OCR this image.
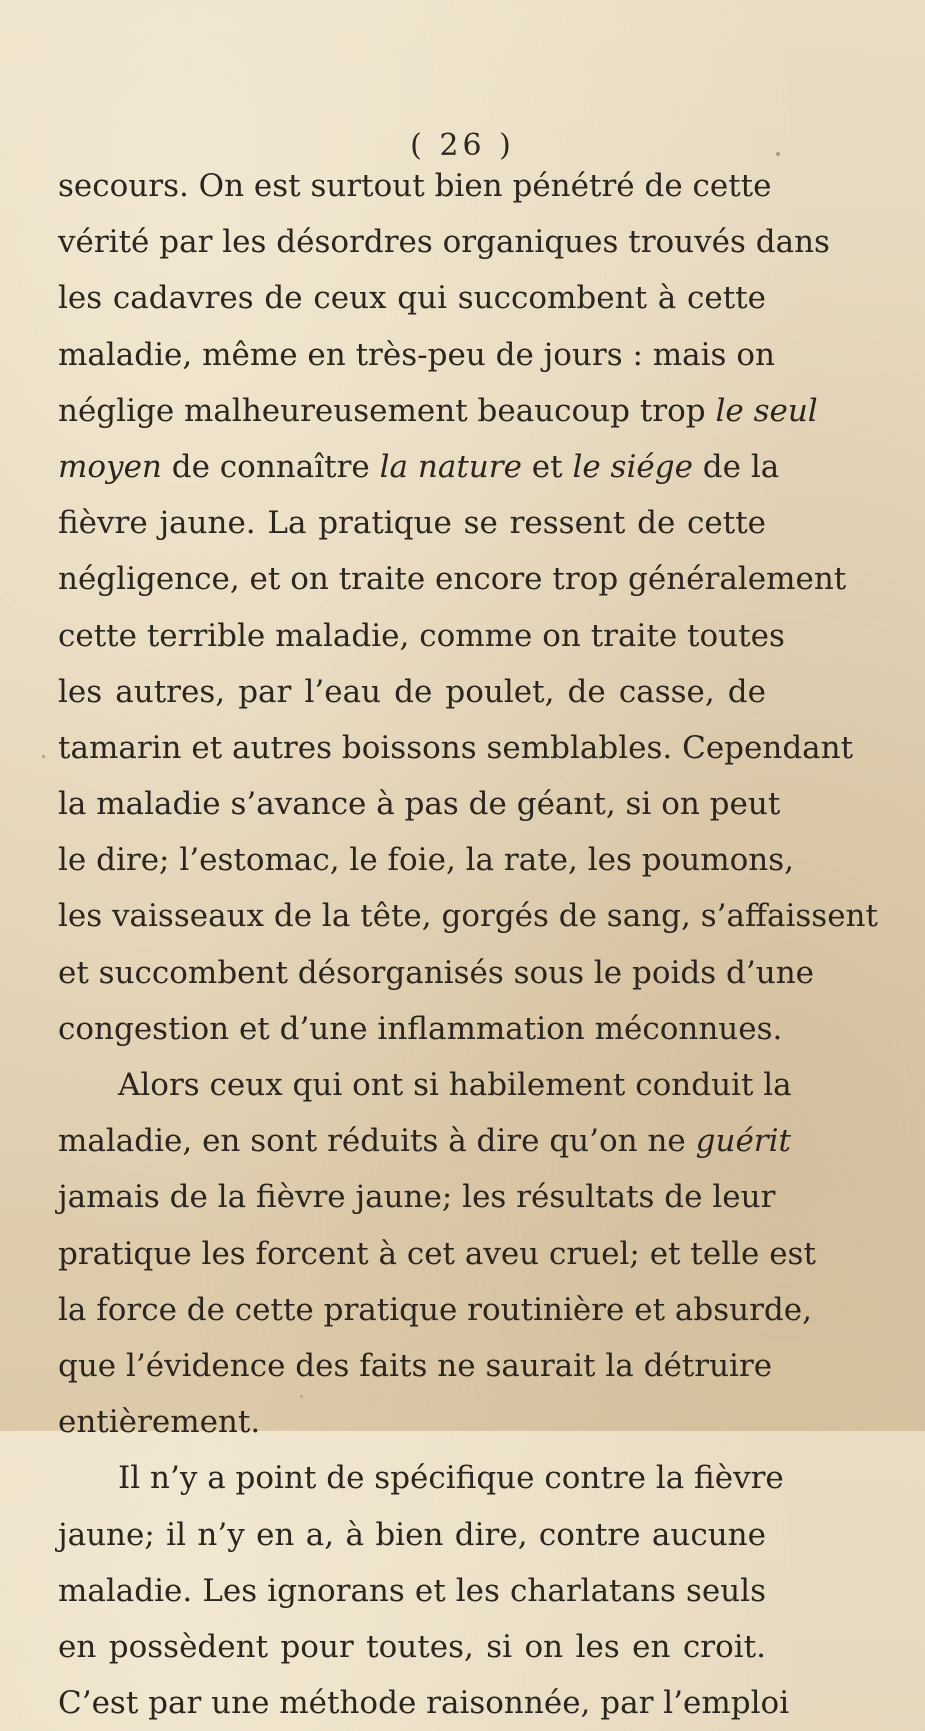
( 26 )
secours. On est surtout bien pénétré de cette
vérité par les désordres organiques trouvés dans
les cadavres de ceux qui succombent à cette
maladie, même en très-peu de jours : mais on
néglige malheureusement beaucoup trop le seul
moyen de connaître la nature et le siége de la
fièvre jaune. La pratique se ressent de cette
négligence, et on traite encore trop généralement
cette terrible maladie, comme on traite toutes
les autres, par l’eau de poulet, de casse, de
tamarin et autres boissons semblables. Cependant
la maladie s’avance à pas de géant, si on peut
le dire; l’estomac, le foie, la rate, les poumons,
les vaisseaux de la tête, gorgés de sang, s’affaissent
et succombent désorganisés sous le poids d’une
congestion et d’une inflammation méconnues.
Alors ceux qui ont si habilement conduit la
maladie, en sont réduits à dire qu’on ne guérit
jamais de la fièvre jaune; les résultats de leur
pratique les forcent à cet aveu cruel; et telle est
la force de cette pratique routinière et absurde,
que l’évidence des faits ne saurait la détruire
entièrement.
Il n’y a point de spécifique contre la fièvre
jaune; il n’y en a, à bien dire, contre aucune
maladie. Les ignorans et les charlatans seuls
en possèdent pour toutes, si on les en croit.
C’est par une méthode raisonnée, par l’emploi
